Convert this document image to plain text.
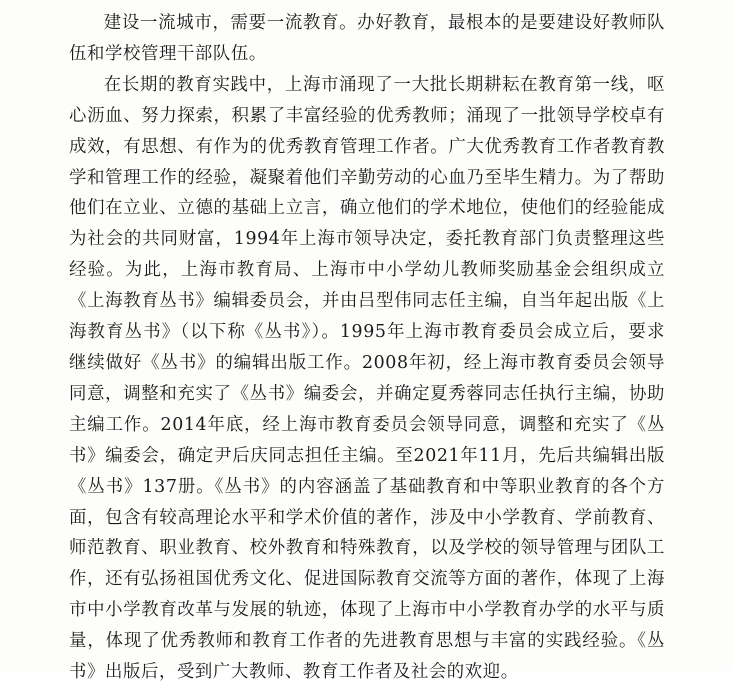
建设一流城市，需要一流教育。办好教育，最根本的是要建设好教师队伍和学校管理干部队伍。

在长期的教育实践中，上海市涌现了一大批长期耕耘在教育第一线，呕心沥血、努力探索，积累了丰富经验的优秀教师；涌现了一批领导学校卓有成效，有思想、有作为的优秀教育管理工作者。广大优秀教育工作者教育教学和管理工作的经验，凝聚着他们辛勤劳动的心血乃至毕生精力。为了帮助他们在立业、立德的基础上立言，确立他们的学术地位，使他们的经验能成为社会的共同财富，1994年上海市领导决定，委托教育部门负责整理这些经验。为此，上海市教育局、上海市中小学幼儿教师奖励基金会组织成立《上海教育丛书》编辑委员会，并由吕型伟同志任主编，自当年起出版《上海教育丛书》（以下称《丛书》）。1995年上海市教育委员会成立后，要求继续做好《丛书》的编辑出版工作。2008年初，经上海市教育委员会领导同意，调整和充实了《丛书》编委会，并确定夏秀蓉同志任执行主编，协助主编工作。2014年底，经上海市教育委员会领导同意，调整和充实了《丛书》编委会，确定尹后庆同志担任主编。至2021年11月，先后共编辑出版《丛书》137册。《丛书》的内容涵盖了基础教育和中等职业教育的各个方面，包含有较高理论水平和学术价值的著作，涉及中小学教育、学前教育、师范教育、职业教育、校外教育和特殊教育，以及学校的领导管理与团队工作，还有弘扬祖国优秀文化、促进国际教育交流等方面的著作，体现了上海市中小学教育改革与发展的轨迹，体现了上海市中小学教育办学的水平与质量，体现了优秀教师和教育工作者的先进教育思想与丰富的实践经验。《丛书》出版后，受到广大教师、教育工作者及社会的欢迎。
